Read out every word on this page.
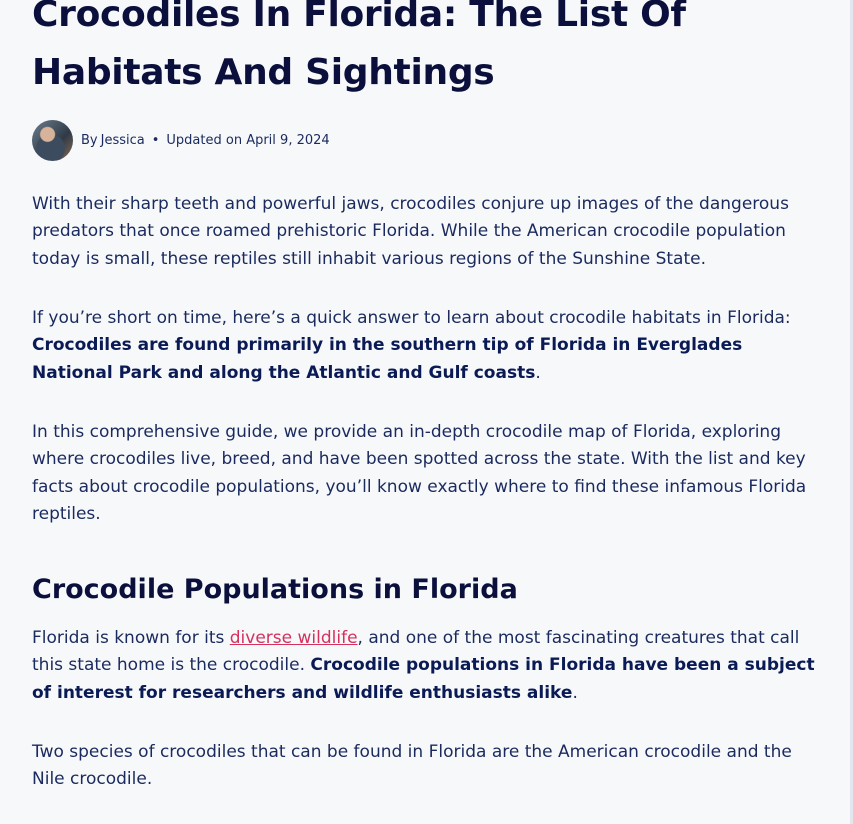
Crocodiles In Florida: The List Of Habitats And Sightings
By Jessica • Updated on April 9, 2024

With their sharp teeth and powerful jaws, crocodiles conjure up images of the dangerous predators that once roamed prehistoric Florida. While the American crocodile population today is small, these reptiles still inhabit various regions of the Sunshine State.

If you’re short on time, here’s a quick answer to learn about crocodile habitats in Florida: Crocodiles are found primarily in the southern tip of Florida in Everglades National Park and along the Atlantic and Gulf coasts.

In this comprehensive guide, we provide an in-depth crocodile map of Florida, exploring where crocodiles live, breed, and have been spotted across the state. With the list and key facts about crocodile populations, you’ll know exactly where to find these infamous Florida reptiles.

Crocodile Populations in Florida

Florida is known for its diverse wildlife, and one of the most fascinating creatures that call this state home is the crocodile. Crocodile populations in Florida have been a subject of interest for researchers and wildlife enthusiasts alike.

Two species of crocodiles that can be found in Florida are the American crocodile and the Nile crocodile.
